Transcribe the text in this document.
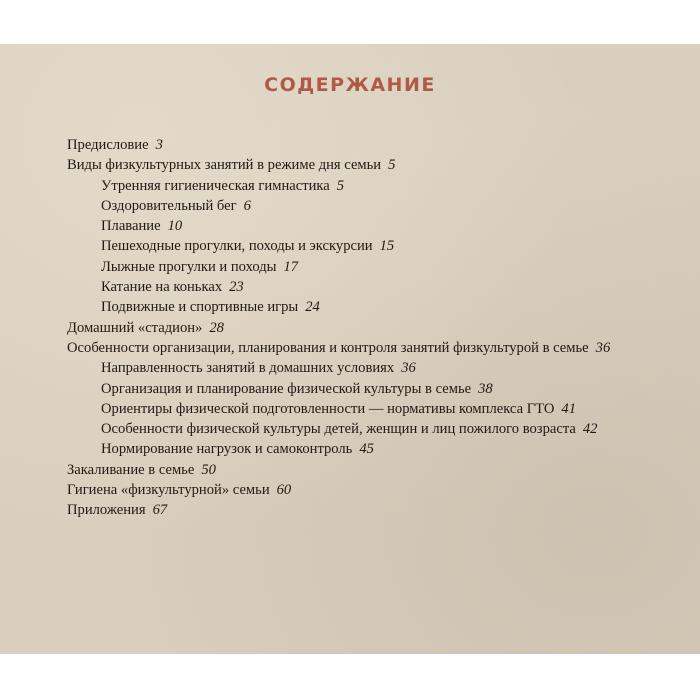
СОДЕРЖАНИЕ
Предисловие 3
Виды физкультурных занятий в режиме дня семьи 5
Утренняя гигиеническая гимнастика 5
Оздоровительный бег 6
Плавание 10
Пешеходные прогулки, походы и экскурсии 15
Лыжные прогулки и походы 17
Катание на коньках 23
Подвижные и спортивные игры 24
Домашний «стадион» 28
Особенности организации, планирования и контроля занятий физкультурой в семье 36
Направленность занятий в домашних условиях 36
Организация и планирование физической культуры в семье 38
Ориентиры физической подготовленности — нормативы комплекса ГТО 41
Особенности физической культуры детей, женщин и лиц пожилого возраста 42
Нормирование нагрузок и самоконтроль 45
Закаливание в семье 50
Гигиена «физкультурной» семьи 60
Приложения 67
